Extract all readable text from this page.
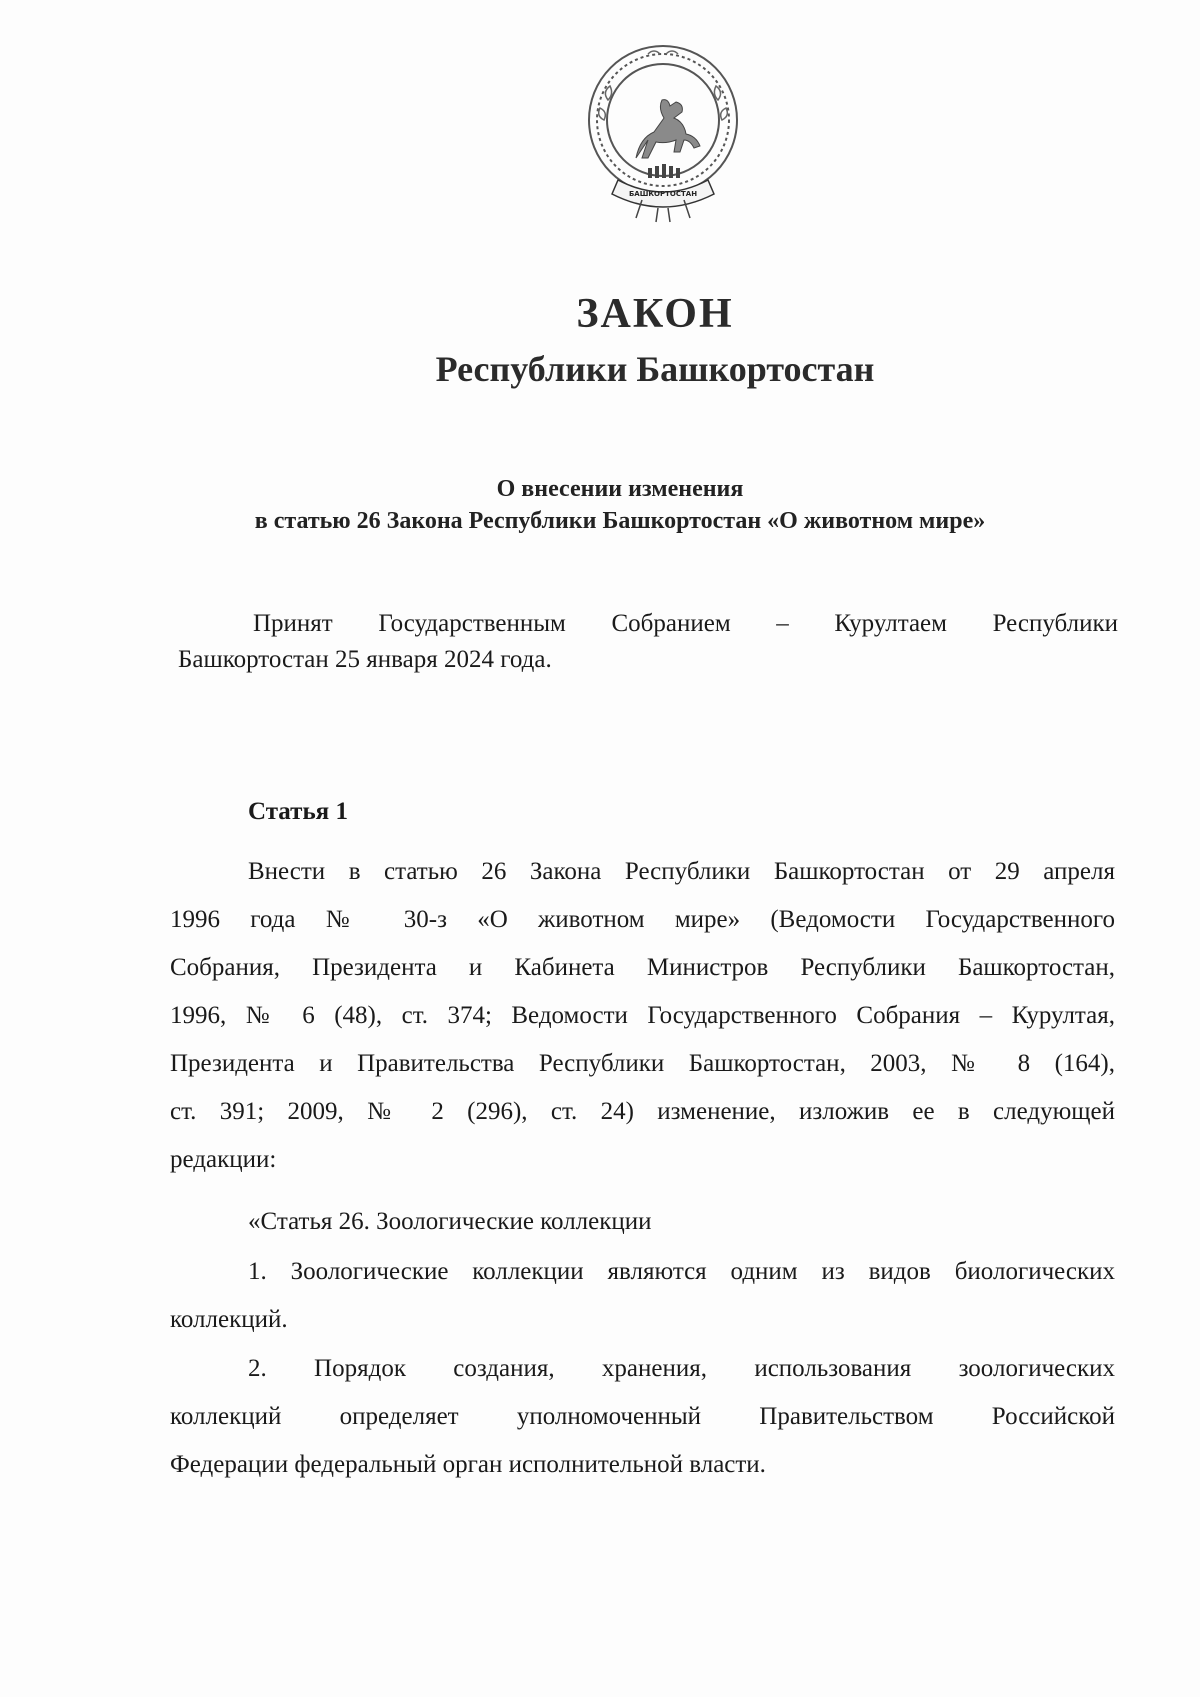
БАШКОРТОСТАН
ЗАКОН
Республики Башкортостан
О внесении изменения
в статью 26 Закона Республики Башкортостан «О животном мире»
Принят Государственным Собранием – Курултаем Республики
Башкортостан 25 января 2024 года.
Статья 1
Внести в статью 26 Закона Республики Башкортостан от 29 апреля
1996 года № 30-з «О животном мире» (Ведомости Государственного
Собрания, Президента и Кабинета Министров Республики Башкортостан,
1996, № 6 (48), ст. 374; Ведомости Государственного Собрания – Курултая,
Президента и Правительства Республики Башкортостан, 2003, № 8 (164),
ст. 391; 2009, № 2 (296), ст. 24) изменение, изложив ее в следующей
редакции:
«Статья 26. Зоологические коллекции
1. Зоологические коллекции являются одним из видов биологических
коллекций.
2. Порядок создания, хранения, использования зоологических
коллекций определяет уполномоченный Правительством Российской
Федерации федеральный орган исполнительной власти.
